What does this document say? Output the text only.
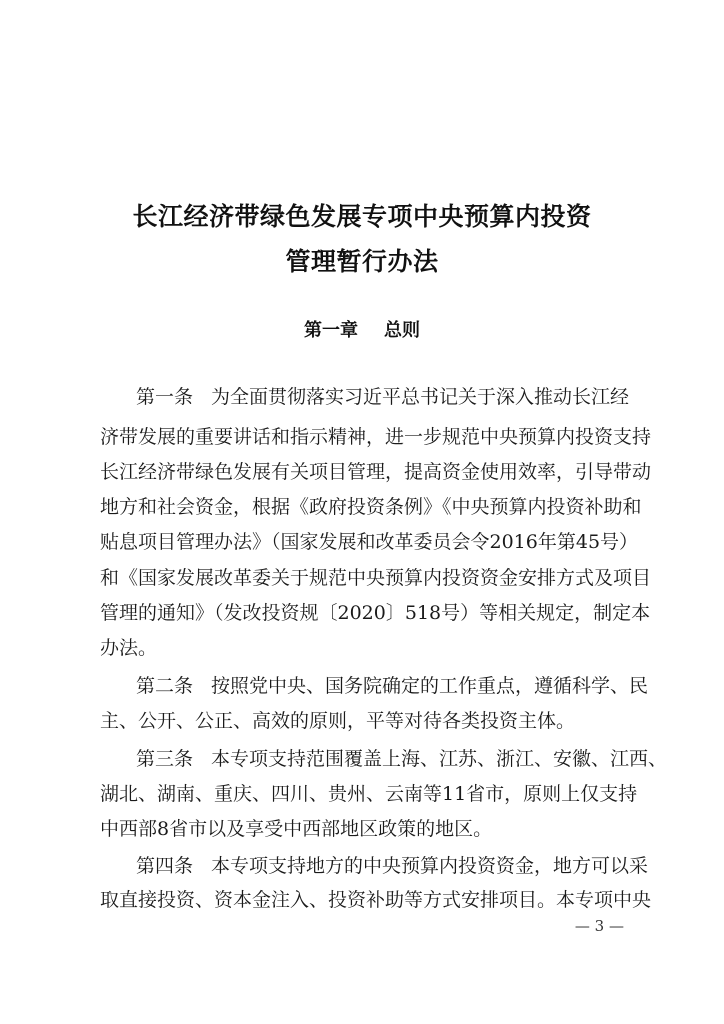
长江经济带绿色发展专项中央预算内投资
管理暂行办法
第一章 总则
第一条 为全面贯彻落实习近平总书记关于深入推动长江经
济带发展的重要讲话和指示精神，进一步规范中央预算内投资支持
长江经济带绿色发展有关项目管理，提高资金使用效率，引导带动
地方和社会资金，根据《政府投资条例》《中央预算内投资补助和
贴息项目管理办法》（国家发展和改革委员会令2016年第45号）
和《国家发展改革委关于规范中央预算内投资资金安排方式及项目
管理的通知》（发改投资规〔2020〕518号）等相关规定，制定本
办法。
第二条 按照党中央、国务院确定的工作重点，遵循科学、民
主、公开、公正、高效的原则，平等对待各类投资主体。
第三条 本专项支持范围覆盖上海、江苏、浙江、安徽、江西、
湖北、湖南、重庆、四川、贵州、云南等11省市，原则上仅支持
中西部8省市以及享受中西部地区政策的地区。
第四条 本专项支持地方的中央预算内投资资金，地方可以采
取直接投资、资本金注入、投资补助等方式安排项目。本专项中央
— 3 —
